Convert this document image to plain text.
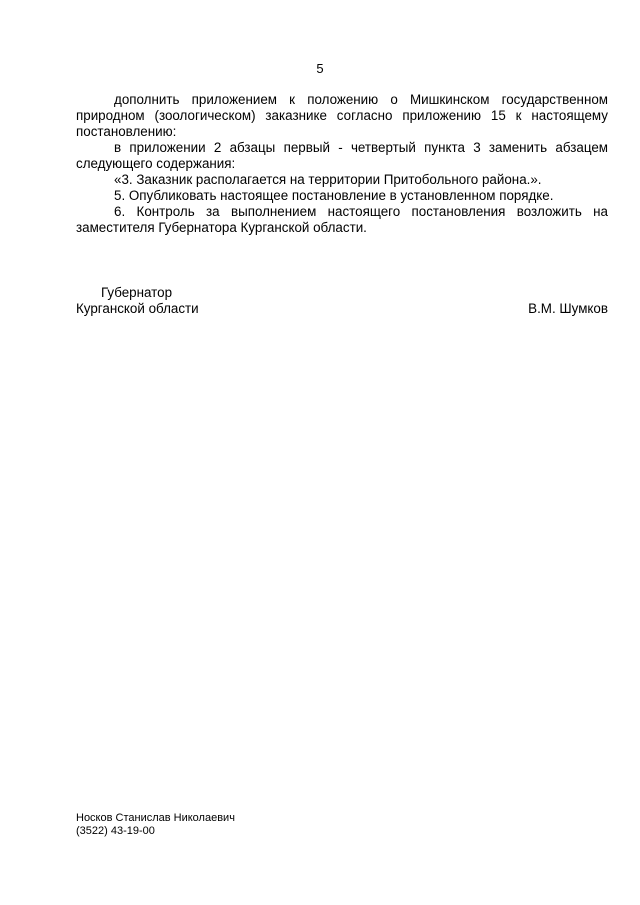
5

дополнить приложением к положению о Мишкинском государственном природном (зоологическом) заказнике согласно приложению 15 к настоящему постановлению:

в приложении 2 абзацы первый - четвертый пункта 3 заменить абзацем следующего содержания:

«3. Заказник располагается на территории Притобольного района.».

5. Опубликовать настоящее постановление в установленном порядке.

6. Контроль за выполнением настоящего постановления возложить на заместителя Губернатора Курганской области.

Губернатор
Курганской области	В.М. Шумков
Носков Станислав Николаевич
(3522) 43-19-00
